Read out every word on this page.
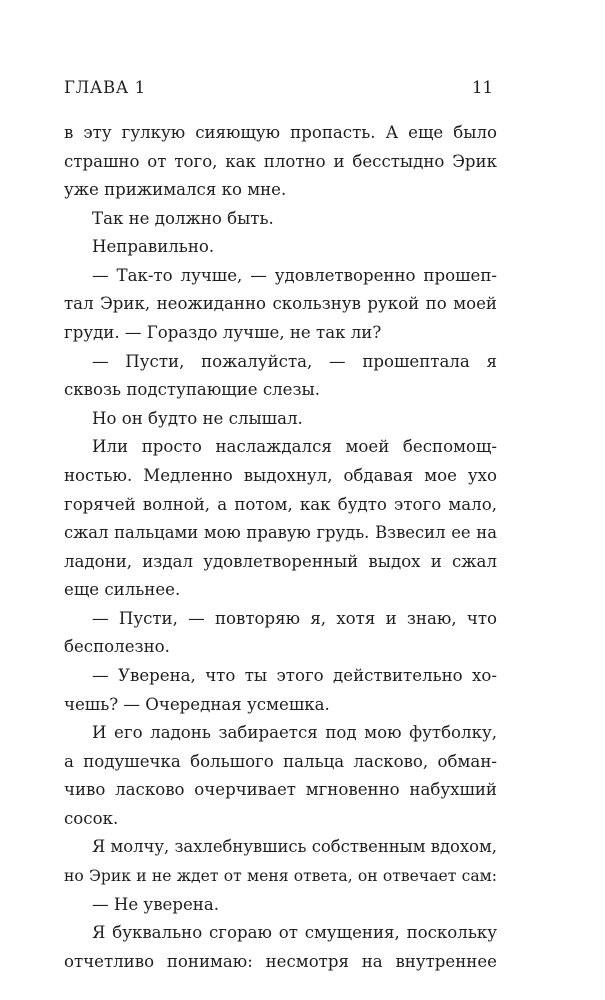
ГЛАВА 1	11
в эту гулкую сияющую пропасть. А еще было
страшно от того, как плотно и бесстыдно Эрик
уже прижимался ко мне.
Так не должно быть.
Неправильно.
— Так-то лучше, — удовлетворенно прошеп-
тал Эрик, неожиданно скользнув рукой по моей
груди. — Гораздо лучше, не так ли?
— Пусти, пожалуйста, — прошептала я
сквозь подступающие слезы.
Но он будто не слышал.
Или просто наслаждался моей беспомощ-
ностью. Медленно выдохнул, обдавая мое ухо
горячей волной, а потом, как будто этого мало,
сжал пальцами мою правую грудь. Взвесил ее на
ладони, издал удовлетворенный выдох и сжал
еще сильнее.
— Пусти, — повторяю я, хотя и знаю, что
бесполезно.
— Уверена, что ты этого действительно хо-
чешь? — Очередная усмешка.
И его ладонь забирается под мою футболку,
а подушечка большого пальца ласково, обман-
чиво ласково очерчивает мгновенно набухший
сосок.
Я молчу, захлебнувшись собственным вдохом,
но Эрик и не ждет от меня ответа, он отвечает сам:
— Не уверена.
Я буквально сгораю от смущения, поскольку
отчетливо понимаю: несмотря на внутреннее
